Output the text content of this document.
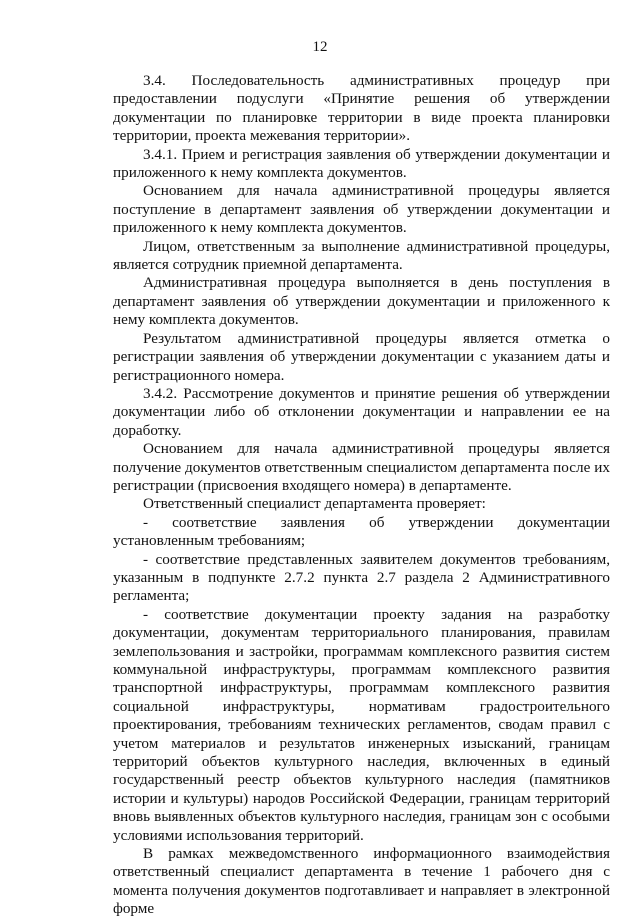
12

3.4. Последовательность административных процедур при предоставлении подуслуги «Принятие решения об утверждении документации по планировке территории в виде проекта планировки территории, проекта межевания территории».

3.4.1. Прием и регистрация заявления об утверждении документации и приложенного к нему комплекта документов.

Основанием для начала административной процедуры является поступление в департамент заявления об утверждении документации и приложенного к нему комплекта документов.

Лицом, ответственным за выполнение административной процедуры, является сотрудник приемной департамента.

Административная процедура выполняется в день поступления в департамент заявления об утверждении документации и приложенного к нему комплекта документов.

Результатом административной процедуры является отметка о регистрации заявления об утверждении документации с указанием даты и регистрационного номера.

3.4.2. Рассмотрение документов и принятие решения об утверждении документации либо об отклонении документации и направлении ее на доработку.

Основанием для начала административной процедуры является получение документов ответственным специалистом департамента после их регистрации (присвоения входящего номера) в департаменте.

Ответственный специалист департамента проверяет:

- соответствие заявления об утверждении документации установленным требованиям;

- соответствие представленных заявителем документов требованиям, указанным в подпункте 2.7.2 пункта 2.7 раздела 2 Административного регламента;

- соответствие документации проекту задания на разработку документации, документам территориального планирования, правилам землепользования и застройки, программам комплексного развития систем коммунальной инфраструктуры, программам комплексного развития транспортной инфраструктуры, программам комплексного развития социальной инфраструктуры, нормативам градостроительного проектирования, требованиям технических регламентов, сводам правил с учетом материалов и результатов инженерных изысканий, границам территорий объектов культурного наследия, включенных в единый государственный реестр объектов культурного наследия (памятников истории и культуры) народов Российской Федерации, границам территорий вновь выявленных объектов культурного наследия, границам зон с особыми условиями использования территорий.

В рамках межведомственного информационного взаимодействия ответственный специалист департамента в течение 1 рабочего дня с момента получения документов подготавливает и направляет в электронной форме
